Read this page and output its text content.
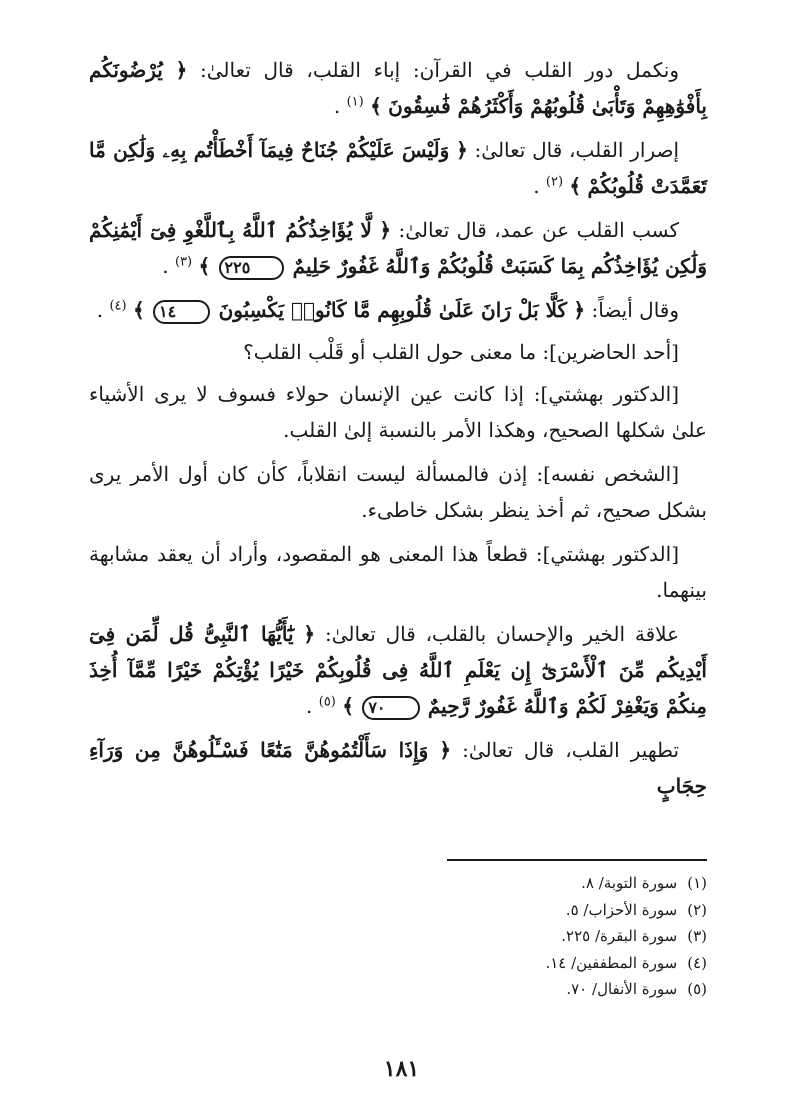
ونكمل دور القلب في القرآن: إباء القلب، قال تعالىٰ: ﴿ يُرْضُونَكُم بِأَفْوَٰهِهِمْ وَتَأْبَىٰ قُلُوبُهُمْ وَأَكْثَرُهُمْ فَٰسِقُونَ ﴾ $^{(١)}$ .

إصرار القلب، قال تعالىٰ: ﴿ وَلَيْسَ عَلَيْكُمْ جُنَاحٌ فِيمَآ أَخْطَأْتُم بِهِۦ وَلَٰكِن مَّا تَعَمَّدَتْ قُلُوبُكُمْ ﴾ $^{(٢)}$ .

كسب القلب عن عمد، قال تعالىٰ: ﴿ لَّا يُؤَاخِذُكُمُ ٱللَّهُ بِٱللَّغْوِ فِىٓ أَيْمَٰنِكُمْ وَلَٰكِن يُؤَاخِذُكُم بِمَا كَسَبَتْ قُلُوبُكُمْ وَٱللَّهُ غَفُورٌ حَلِيمٌ ٢٢٥ ﴾ $^{(٣)}$ .

وقال أيضاً: ﴿ كَلَّا بَلْ رَانَ عَلَىٰ قُلُوبِهِم مَّا كَانُوا۟ يَكْسِبُونَ ١٤ ﴾ $^{(٤)}$ .

[أحد الحاضرين]: ما معنى حول القلب أو قَلْب القلب؟

[الدكتور بهشتي]: إذا كانت عين الإنسان حولاء فسوف لا يرى الأشياء علىٰ شكلها الصحيح، وهكذا الأمر بالنسبة إلىٰ القلب.

[الشخص نفسه]: إذن فالمسألة ليست انقلاباً، كأن كان أول الأمر يرى بشكل صحيح، ثم أخذ ينظر بشكل خاطىء.

[الدكتور بهشتي]: قطعاً هذا المعنى هو المقصود، وأراد أن يعقد مشابهة بينهما.

علاقة الخير والإحسان بالقلب، قال تعالىٰ: ﴿ يَٰٓأَيُّهَا ٱلنَّبِىُّ قُل لِّمَن فِىٓ أَيْدِيكُم مِّنَ ٱلْأَسْرَىٰٓ إِن يَعْلَمِ ٱللَّهُ فِى قُلُوبِكُمْ خَيْرًا يُؤْتِكُمْ خَيْرًا مِّمَّآ أُخِذَ مِنكُمْ وَيَغْفِرْ لَكُمْ وَٱللَّهُ غَفُورٌ رَّحِيمٌ ٧٠ ﴾ $^{(٥)}$ .

تطهير القلب، قال تعالىٰ: ﴿ وَإِذَا سَأَلْتُمُوهُنَّ مَتَٰعًا فَسْـَٔلُوهُنَّ مِن وَرَآءِ حِجَابٍ

(١)سورة التوبة/ ٨.
(٢)سورة الأحزاب/ ٥.
(٣)سورة البقرة/ ٢٢٥.
(٤)سورة المطففين/ ١٤.
(٥)سورة الأنفال/ ٧٠.
١٨١
